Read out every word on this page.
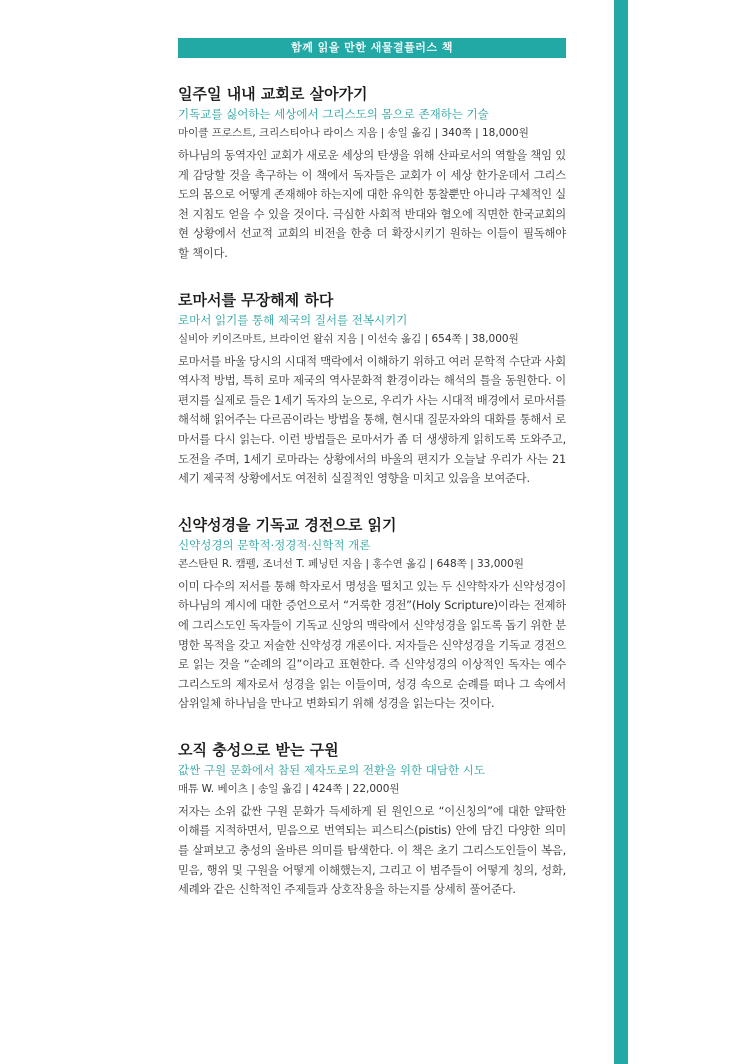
함께 읽을 만한 새물결플러스 책

일주일 내내 교회로 살아가기

기독교를 싫어하는 세상에서 그리스도의 몸으로 존재하는 기술

마이클 프로스트, 크리스티아나 라이스 지음 | 송일 옮김 | 340쪽 | 18,000원

하나님의 동역자인 교회가 새로운 세상의 탄생을 위해 산파로서의 역할을 책임 있게 감당할 것을 촉구하는 이 책에서 독자들은 교회가 이 세상 한가운데서 그리스도의 몸으로 어떻게 존재해야 하는지에 대한 유익한 통찰뿐만 아니라 구체적인 실천 지침도 얻을 수 있을 것이다. 극심한 사회적 반대와 혐오에 직면한 한국교회의 현 상황에서 선교적 교회의 비전을 한층 더 확장시키기 원하는 이들이 필독해야 할 책이다.

로마서를 무장해제 하다

로마서 읽기를 통해 제국의 질서를 전복시키기

실비아 키이즈마트, 브라이언 왈쉬 지음 | 이선숙 옮김 | 654쪽 | 38,000원

로마서를 바울 당시의 시대적 맥락에서 이해하기 위하고 여러 문학적 수단과 사회역사적 방법, 특히 로마 제국의 역사문화적 환경이라는 해석의 틀을 동원한다. 이 편지를 실제로 들은 1세기 독자의 눈으로, 우리가 사는 시대적 배경에서 로마서를 해석해 읽어주는 다르곰이라는 방법을 통해, 현시대 질문자와의 대화를 통해서 로마서를 다시 읽는다. 이런 방법들은 로마서가 좀 더 생생하게 읽히도록 도와주고, 도전을 주며, 1세기 로마라는 상황에서의 바울의 편지가 오늘날 우리가 사는 21세기 제국적 상황에서도 여전히 실질적인 영향을 미치고 있음을 보여준다.

신약성경을 기독교 경전으로 읽기

신약성경의 문학적·정경적·신학적 개론

콘스탄틴 R. 캠펠, 조너선 T. 페닝턴 지음 | 홍수연 옮김 | 648쪽 | 33,000원

이미 다수의 저서를 통해 학자로서 명성을 떨치고 있는 두 신약학자가 신약성경이 하나님의 계시에 대한 증언으로서 “거룩한 경전”(Holy Scripture)이라는 전제하에 그리스도인 독자들이 기독교 신앙의 맥락에서 신약성경을 읽도록 돕기 위한 분명한 목적을 갖고 저술한 신약성경 개론이다. 저자들은 신약성경을 기독교 경전으로 읽는 것을 “순례의 길”이라고 표현한다. 즉 신약성경의 이상적인 독자는 예수 그리스도의 제자로서 성경을 읽는 이들이며, 성경 속으로 순례를 떠나 그 속에서 삼위일체 하나님을 만나고 변화되기 위해 성경을 읽는다는 것이다.

오직 충성으로 받는 구원

값싼 구원 문화에서 참된 제자도로의 전환을 위한 대담한 시도

매튜 W. 베이츠 | 송일 옮김 | 424쪽 | 22,000원

저자는 소위 값싼 구원 문화가 득세하게 된 원인으로 “이신칭의”에 대한 얄팍한 이해를 지적하면서, 믿음으로 번역되는 피스티스(pistis) 안에 담긴 다양한 의미를 살펴보고 충성의 올바른 의미를 탐색한다. 이 책은 초기 그리스도인들이 복음, 믿음, 행위 및 구원을 어떻게 이해했는지, 그리고 이 범주들이 어떻게 칭의, 성화, 세례와 같은 신학적인 주제들과 상호작용을 하는지를 상세히 풀어준다.
